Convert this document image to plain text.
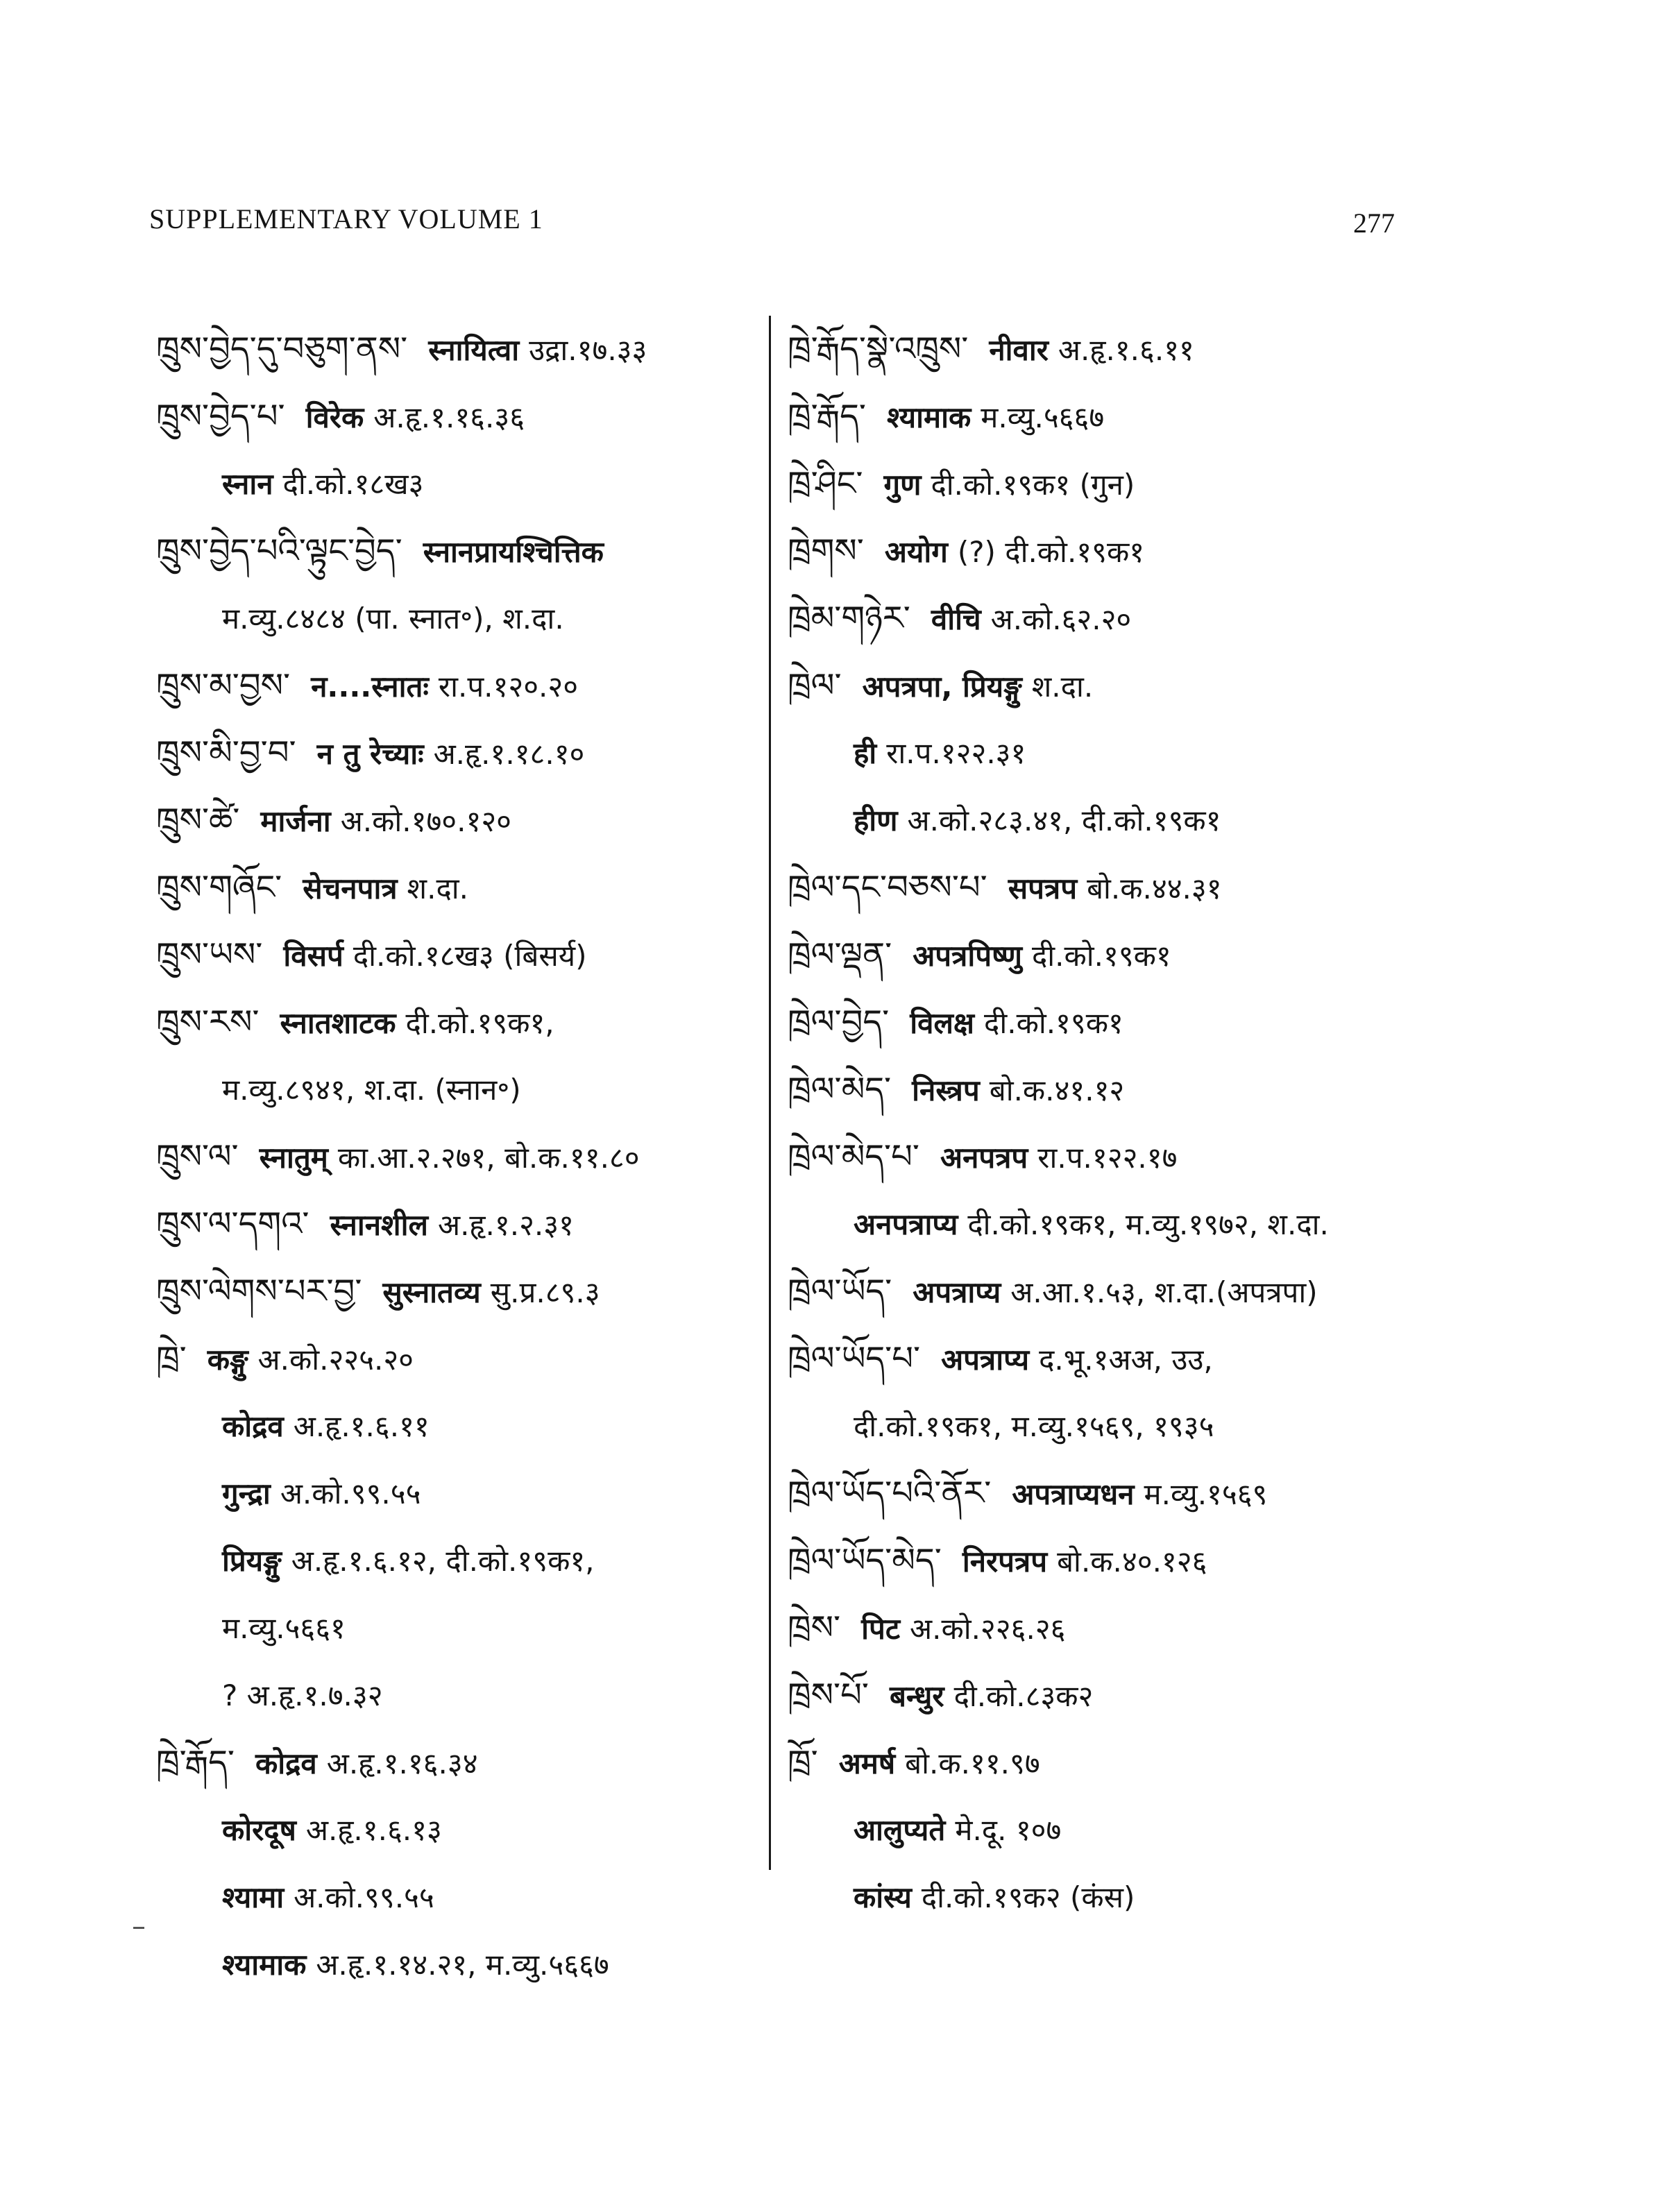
SUPPLEMENTARY VOLUME 1	277
ཁྲུས་བྱེད་དུ་བཅུག་ནས་ स्नायित्वा उद्रा.१७.३३
ཁྲུས་བྱེད་པ་ विरेक अ.हृ.१.१६.३६
स्नान दी.को.१८ख३
ཁྲུས་བྱེད་པའི་ལྟུང་བྱེད་ स्नानप्रायश्चित्तिक
म.व्यु.८४८४ (पा. स्नात॰), श.दा.
ཁྲུས་མ་བྱས་ न....स्नातः रा.प.१२०.२०
ཁྲུས་མི་བྱ་བ་ न तु रेच्याः अ.हृ.१.१८.१०
ཁྲུས་ཚེ་ मार्जना अ.को.१७०.१२०
ཁྲུས་གཞོང་ सेचनपात्र श.दा.
ཁྲུས་ཡས་ विसर्प दी.को.१८ख३ (बिसर्य)
ཁྲུས་རས་ स्नातशाटक दी.को.१९क१,
म.व्यु.८९४१, श.दा. (स्नान॰)
ཁྲུས་ལ་ स्नातुम् का.आ.२.२७१, बो.क.११.८०
ཁྲུས་ལ་དགའ་ स्नानशील अ.हृ.१.२.३१
ཁྲུས་ལེགས་པར་བྱ་ सुस्नातव्य सु.प्र.८९.३
ཁྲེ་ कङ्गु अ.को.२२५.२०
कोद्रव अ.हृ.१.६.११
गुन्द्रा अ.को.९९.५५
प्रियङ्गु अ.हृ.१.६.१२, दी.को.१९क१,
म.व्यु.५६६१
? अ.हृ.१.७.३२
ཁྲེ་རྒོད་ कोद्रव अ.हृ.१.१६.३४
कोरदूष अ.हृ.१.६.१३
श्यामा अ.को.९९.५५
श्यामाक अ.हृ.१.१४.२१, म.व्यु.५६६७
ཁྲེ་རྒོད་སྣེ་འཁྲུས་ नीवार अ.हृ.१.६.११
ཁྲེ་རྒོད་ श्यामाक म.व्यु.५६६७
ཁྲེ་ཤིང་ गुण दी.को.१९क१ (गुन)
ཁྲེགས་ अयोग (?) दी.को.१९क१
ཁྲེམ་གཉེར་ वीचि अ.को.६२.२०
ཁྲེལ་ अपत्रपा, प्रियङ्गु श.दा.
ही रा.प.१२२.३१
हीण अ.को.२८३.४१, दी.को.१९क१
ཁྲེལ་དང་བཅས་པ་ सपत्रप बो.क.४४.३१
ཁྲེལ་ལྡན་ अपत्रपिष्णु दी.को.१९क१
ཁྲེལ་བྱེད་ विलक्ष दी.को.१९क१
ཁྲེལ་མེད་ निस्त्रप बो.क.४१.१२
ཁྲེལ་མེད་པ་ अनपत्रप रा.प.१२२.१७
अनपत्राप्य दी.को.१९क१, म.व्यु.१९७२, श.दा.
ཁྲེལ་ཡོད་ अपत्राप्य अ.आ.१.५३, श.दा.(अपत्रपा)
ཁྲེལ་ཡོད་པ་ अपत्राप्य द.भू.१अअ, उउ,
दी.को.१९क१, म.व्यु.१५६९, १९३५
ཁྲེལ་ཡོད་པའི་ནོར་ अपत्राप्यधन म.व्यु.१५६९
ཁྲེལ་ཡོད་མེད་ निरपत्रप बो.क.४०.१२६
ཁྲེས་ पिट अ.को.२२६.२६
ཁྲེས་པོ་ बन्धुर दी.को.८३क२
ཁྲོ་ अमर्ष बो.क.११.९७
आलुप्यते मे.दू. १०७
कांस्य दी.को.१९क२ (कंस)
